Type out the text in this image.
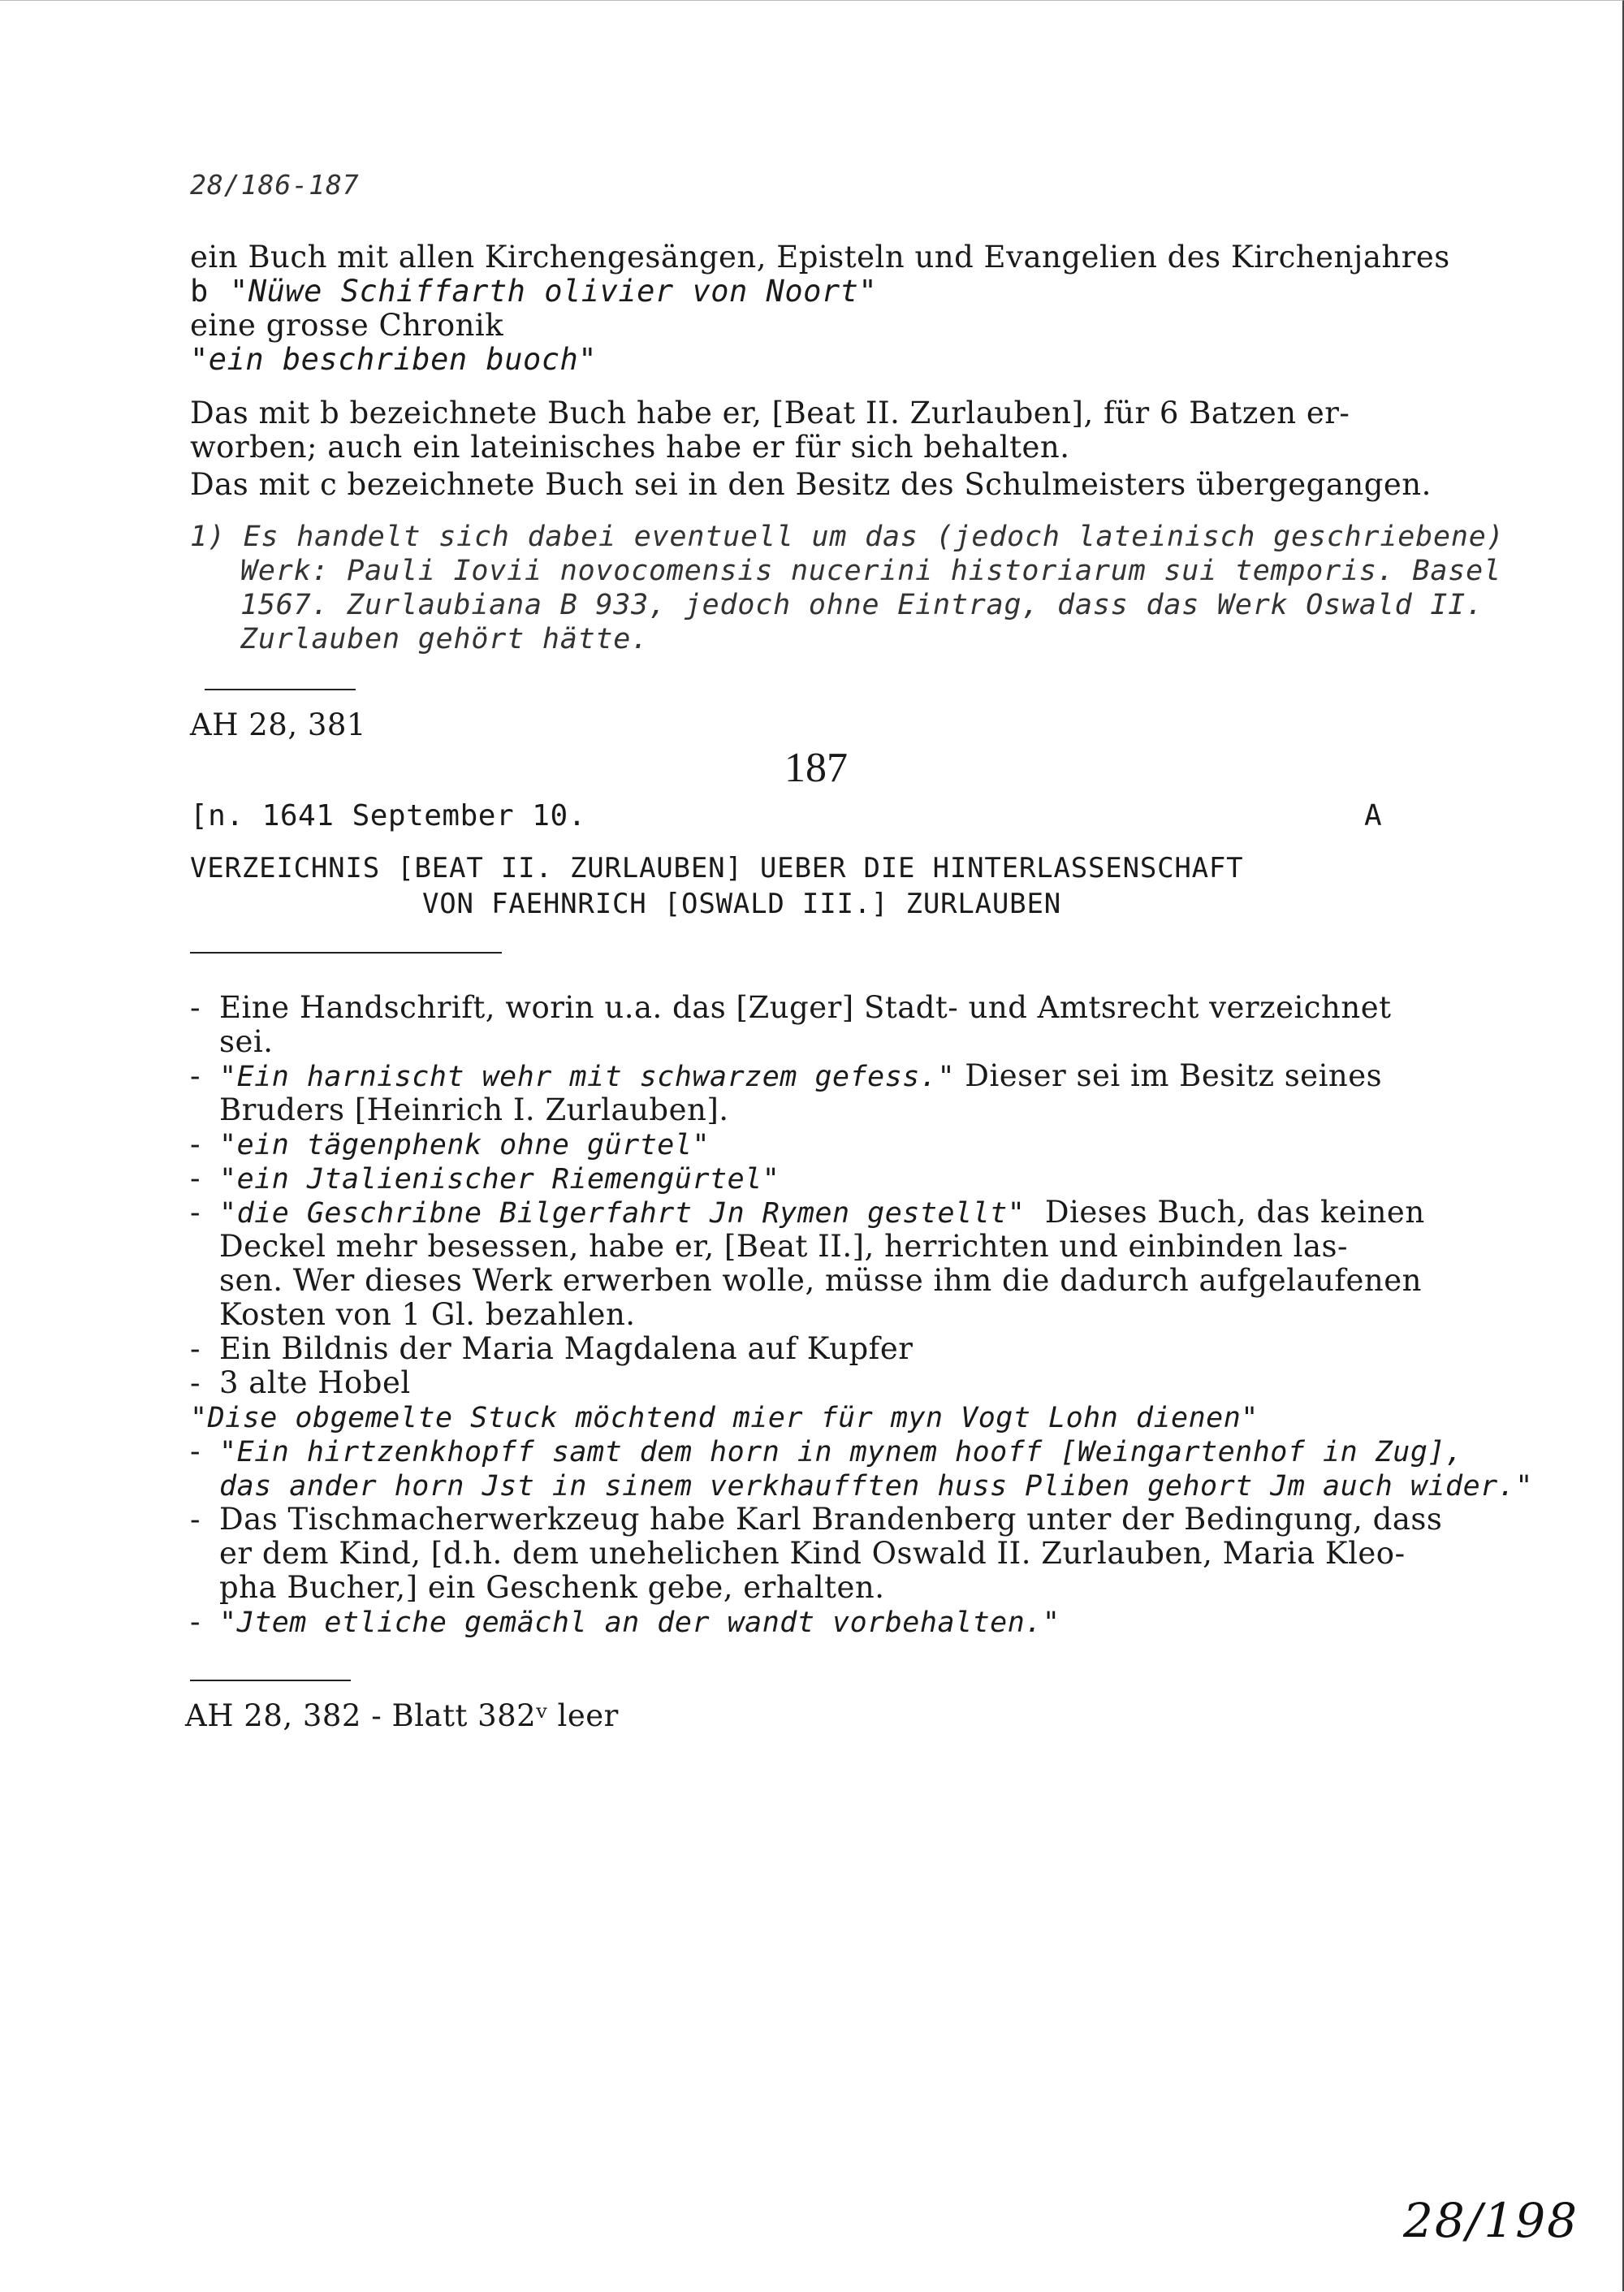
28/186-187
ein Buch mit allen Kirchengesängen, Episteln und Evangelien des Kirchenjahres
b "Nüwe Schiffarth olivier von Noort"
eine grosse Chronik
"ein beschriben buoch"
Das mit b bezeichnete Buch habe er, [Beat II. Zurlauben], für 6 Batzen er-
worben; auch ein lateinisches habe er für sich behalten.
Das mit c bezeichnete Buch sei in den Besitz des Schulmeisters übergegangen.
1) Es handelt sich dabei eventuell um das (jedoch lateinisch geschriebene)
Werk: Pauli Iovii novocomensis nucerini historiarum sui temporis. Basel
1567. Zurlaubiana B 933, jedoch ohne Eintrag, dass das Werk Oswald II.
Zurlauben gehört hätte.
AH 28, 381
187
[n. 1641 September 10.	A
VERZEICHNIS [BEAT II. ZURLAUBEN] UEBER DIE HINTERLASSENSCHAFT
VON FAEHNRICH [OSWALD III.] ZURLAUBEN
-Eine Handschrift, worin u.a. das [Zuger] Stadt- und Amtsrecht verzeichnet
sei.
-"Ein harnischt wehr mit schwarzem gefess." Dieser sei im Besitz seines
Bruders [Heinrich I. Zurlauben].
-"ein tägenphenk ohne gürtel"
-"ein Jtalienischer Riemengürtel"
-"die Geschribne Bilgerfahrt Jn Rymen gestellt"  Dieses Buch, das keinen
Deckel mehr besessen, habe er, [Beat II.], herrichten und einbinden las-
sen. Wer dieses Werk erwerben wolle, müsse ihm die dadurch aufgelaufenen
Kosten von 1 Gl. bezahlen.
-Ein Bildnis der Maria Magdalena auf Kupfer
-3 alte Hobel
"Dise obgemelte Stuck möchtend mier für myn Vogt Lohn dienen"
-"Ein hirtzenkhopff samt dem horn in mynem hooff [Weingartenhof in Zug],
das ander horn Jst in sinem verkhaufften huss Pliben gehort Jm auch wider."
-Das Tischmacherwerkzeug habe Karl Brandenberg unter der Bedingung, dass
er dem Kind, [d.h. dem unehelichen Kind Oswald II. Zurlauben, Maria Kleo-
pha Bucher,] ein Geschenk gebe, erhalten.
-"Jtem etliche gemächl an der wandt vorbehalten."
AH 28, 382 - Blatt 382$^v$ leer
28/198
